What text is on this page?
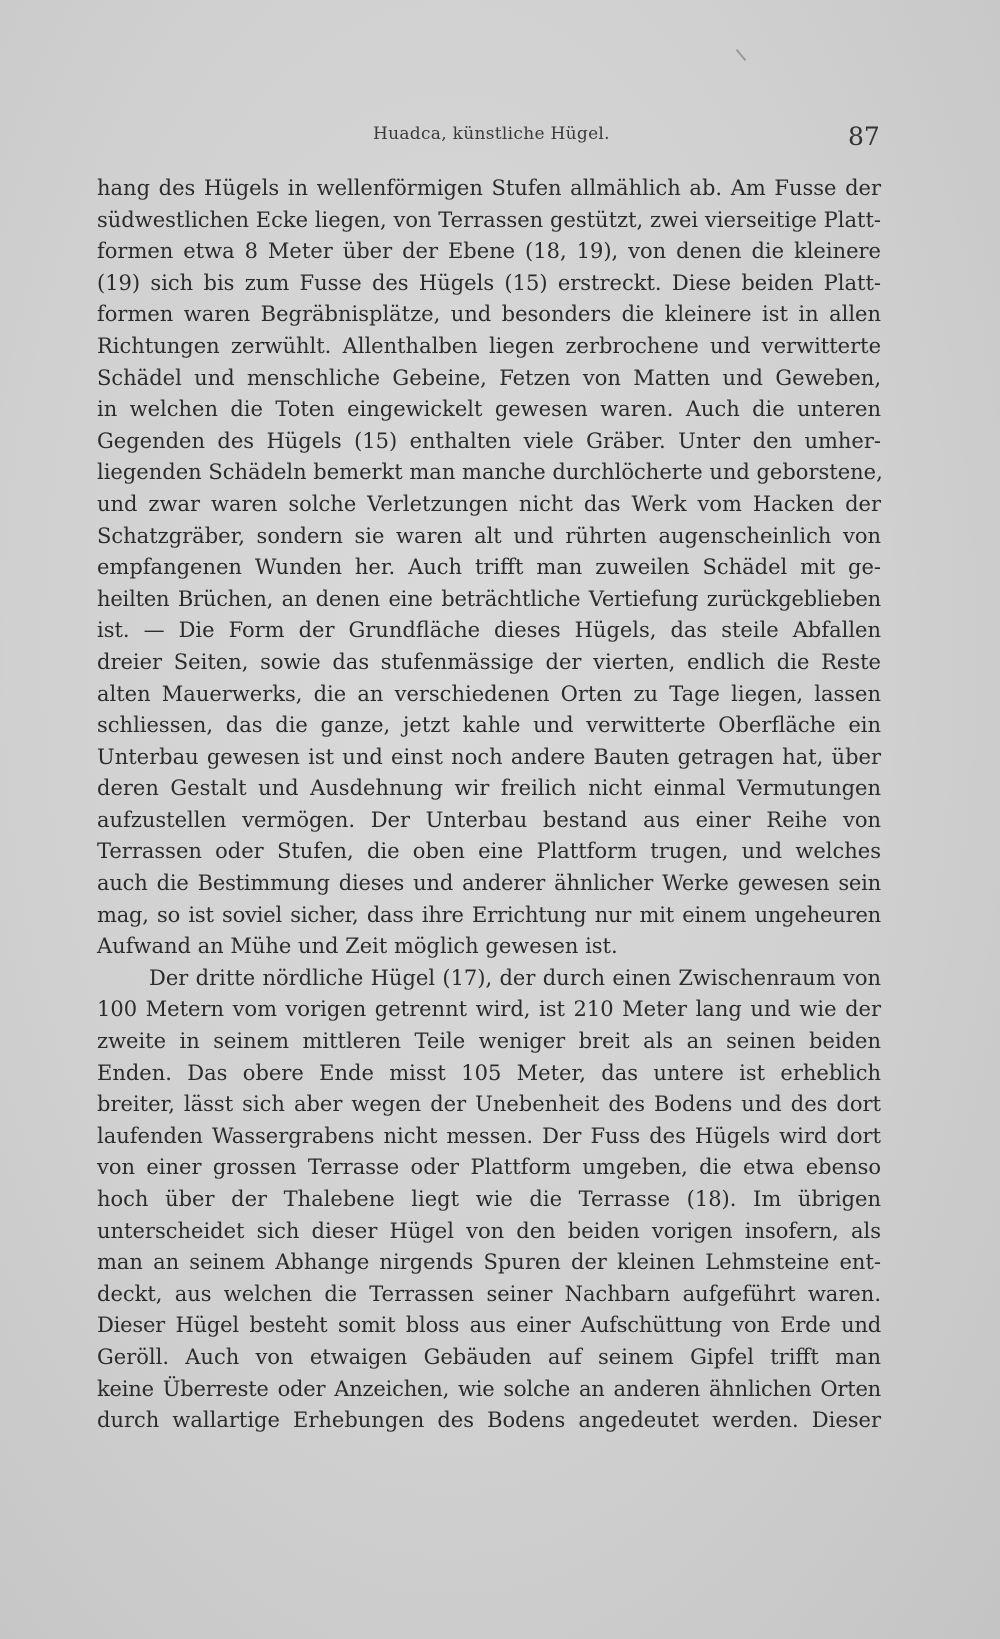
Huadca, künstliche Hügel.	87
hang des Hügels in wellenförmigen Stufen allmählich ab. Am Fusse der
südwestlichen Ecke liegen, von Terrassen gestützt, zwei vierseitige Platt-
formen etwa 8 Meter über der Ebene (18, 19), von denen die kleinere
(19) sich bis zum Fusse des Hügels (15) erstreckt. Diese beiden Platt-
formen waren Begräbnisplätze, und besonders die kleinere ist in allen
Richtungen zerwühlt. Allenthalben liegen zerbrochene und verwitterte
Schädel und menschliche Gebeine, Fetzen von Matten und Geweben,
in welchen die Toten eingewickelt gewesen waren. Auch die unteren
Gegenden des Hügels (15) enthalten viele Gräber. Unter den umher-
liegenden Schädeln bemerkt man manche durchlöcherte und geborstene,
und zwar waren solche Verletzungen nicht das Werk vom Hacken der
Schatzgräber, sondern sie waren alt und rührten augenscheinlich von
empfangenen Wunden her. Auch trifft man zuweilen Schädel mit ge-
heilten Brüchen, an denen eine beträchtliche Vertiefung zurückgeblieben
ist. — Die Form der Grundfläche dieses Hügels, das steile Abfallen
dreier Seiten, sowie das stufenmässige der vierten, endlich die Reste
alten Mauerwerks, die an verschiedenen Orten zu Tage liegen, lassen
schliessen, das die ganze, jetzt kahle und verwitterte Oberfläche ein
Unterbau gewesen ist und einst noch andere Bauten getragen hat, über
deren Gestalt und Ausdehnung wir freilich nicht einmal Vermutungen
aufzustellen vermögen. Der Unterbau bestand aus einer Reihe von
Terrassen oder Stufen, die oben eine Plattform trugen, und welches
auch die Bestimmung dieses und anderer ähnlicher Werke gewesen sein
mag, so ist soviel sicher, dass ihre Errichtung nur mit einem ungeheuren
Aufwand an Mühe und Zeit möglich gewesen ist.
Der dritte nördliche Hügel (17), der durch einen Zwischenraum von
100 Metern vom vorigen getrennt wird, ist 210 Meter lang und wie der
zweite in seinem mittleren Teile weniger breit als an seinen beiden
Enden. Das obere Ende misst 105 Meter, das untere ist erheblich
breiter, lässt sich aber wegen der Unebenheit des Bodens und des dort
laufenden Wassergrabens nicht messen. Der Fuss des Hügels wird dort
von einer grossen Terrasse oder Plattform umgeben, die etwa ebenso
hoch über der Thalebene liegt wie die Terrasse (18). Im übrigen
unterscheidet sich dieser Hügel von den beiden vorigen insofern, als
man an seinem Abhange nirgends Spuren der kleinen Lehmsteine ent-
deckt, aus welchen die Terrassen seiner Nachbarn aufgeführt waren.
Dieser Hügel besteht somit bloss aus einer Aufschüttung von Erde und
Geröll. Auch von etwaigen Gebäuden auf seinem Gipfel trifft man
keine Überreste oder Anzeichen, wie solche an anderen ähnlichen Orten
durch wallartige Erhebungen des Bodens angedeutet werden. Dieser
